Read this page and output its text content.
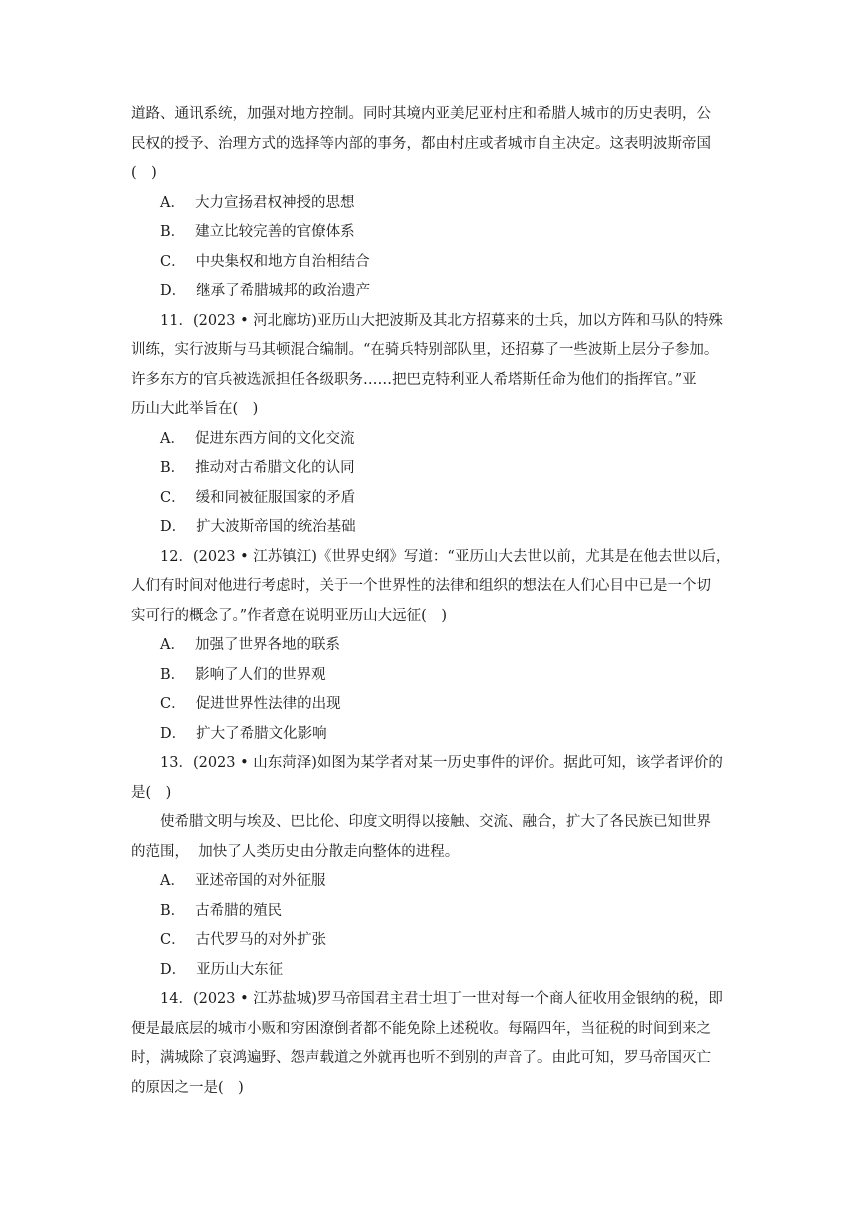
道路、通讯系统，加强对地方控制。同时其境内亚美尼亚村庄和希腊人城市的历史表明，公

民权的授予、治理方式的选择等内部的事务，都由村庄或者城市自主决定。这表明波斯帝国

(　)

A． 大力宣扬君权神授的思想

B． 建立比较完善的官僚体系

C． 中央集权和地方自治相结合

D． 继承了希腊城邦的政治遗产

11．(2023 • 河北廊坊)亚历山大把波斯及其北方招募来的士兵，加以方阵和马队的特殊

训练，实行波斯与马其顿混合编制。“在骑兵特别部队里，还招募了一些波斯上层分子参加。

许多东方的官兵被选派担任各级职务……把巴克特利亚人希塔斯任命为他们的指挥官。”亚

历山大此举旨在(　)

A． 促进东西方间的文化交流

B． 推动对古希腊文化的认同

C． 缓和同被征服国家的矛盾

D． 扩大波斯帝国的统治基础

12．(2023 • 江苏镇江)《世界史纲》写道：“亚历山大去世以前，尤其是在他去世以后，

人们有时间对他进行考虑时，关于一个世界性的法律和组织的想法在人们心目中已是一个切

实可行的概念了。”作者意在说明亚历山大远征(　)

A． 加强了世界各地的联系

B． 影响了人们的世界观

C． 促进世界性法律的出现

D． 扩大了希腊文化影响

13．(2023 • 山东菏泽)如图为某学者对某一历史事件的评价。据此可知，该学者评价的

是(　)

使希腊文明与埃及、巴比伦、印度文明得以接触、交流、融合，扩大了各民族已知世界

的范围，  加快了人类历史由分散走向整体的进程。

A． 亚述帝国的对外征服

B． 古希腊的殖民

C． 古代罗马的对外扩张

D． 亚历山大东征

14．(2023 • 江苏盐城)罗马帝国君主君士坦丁一世对每一个商人征收用金银纳的税，即

便是最底层的城市小贩和穷困潦倒者都不能免除上述税收。每隔四年，当征税的时间到来之

时，满城除了哀鸿遍野、怨声载道之外就再也听不到别的声音了。由此可知，罗马帝国灭亡

的原因之一是(　)
